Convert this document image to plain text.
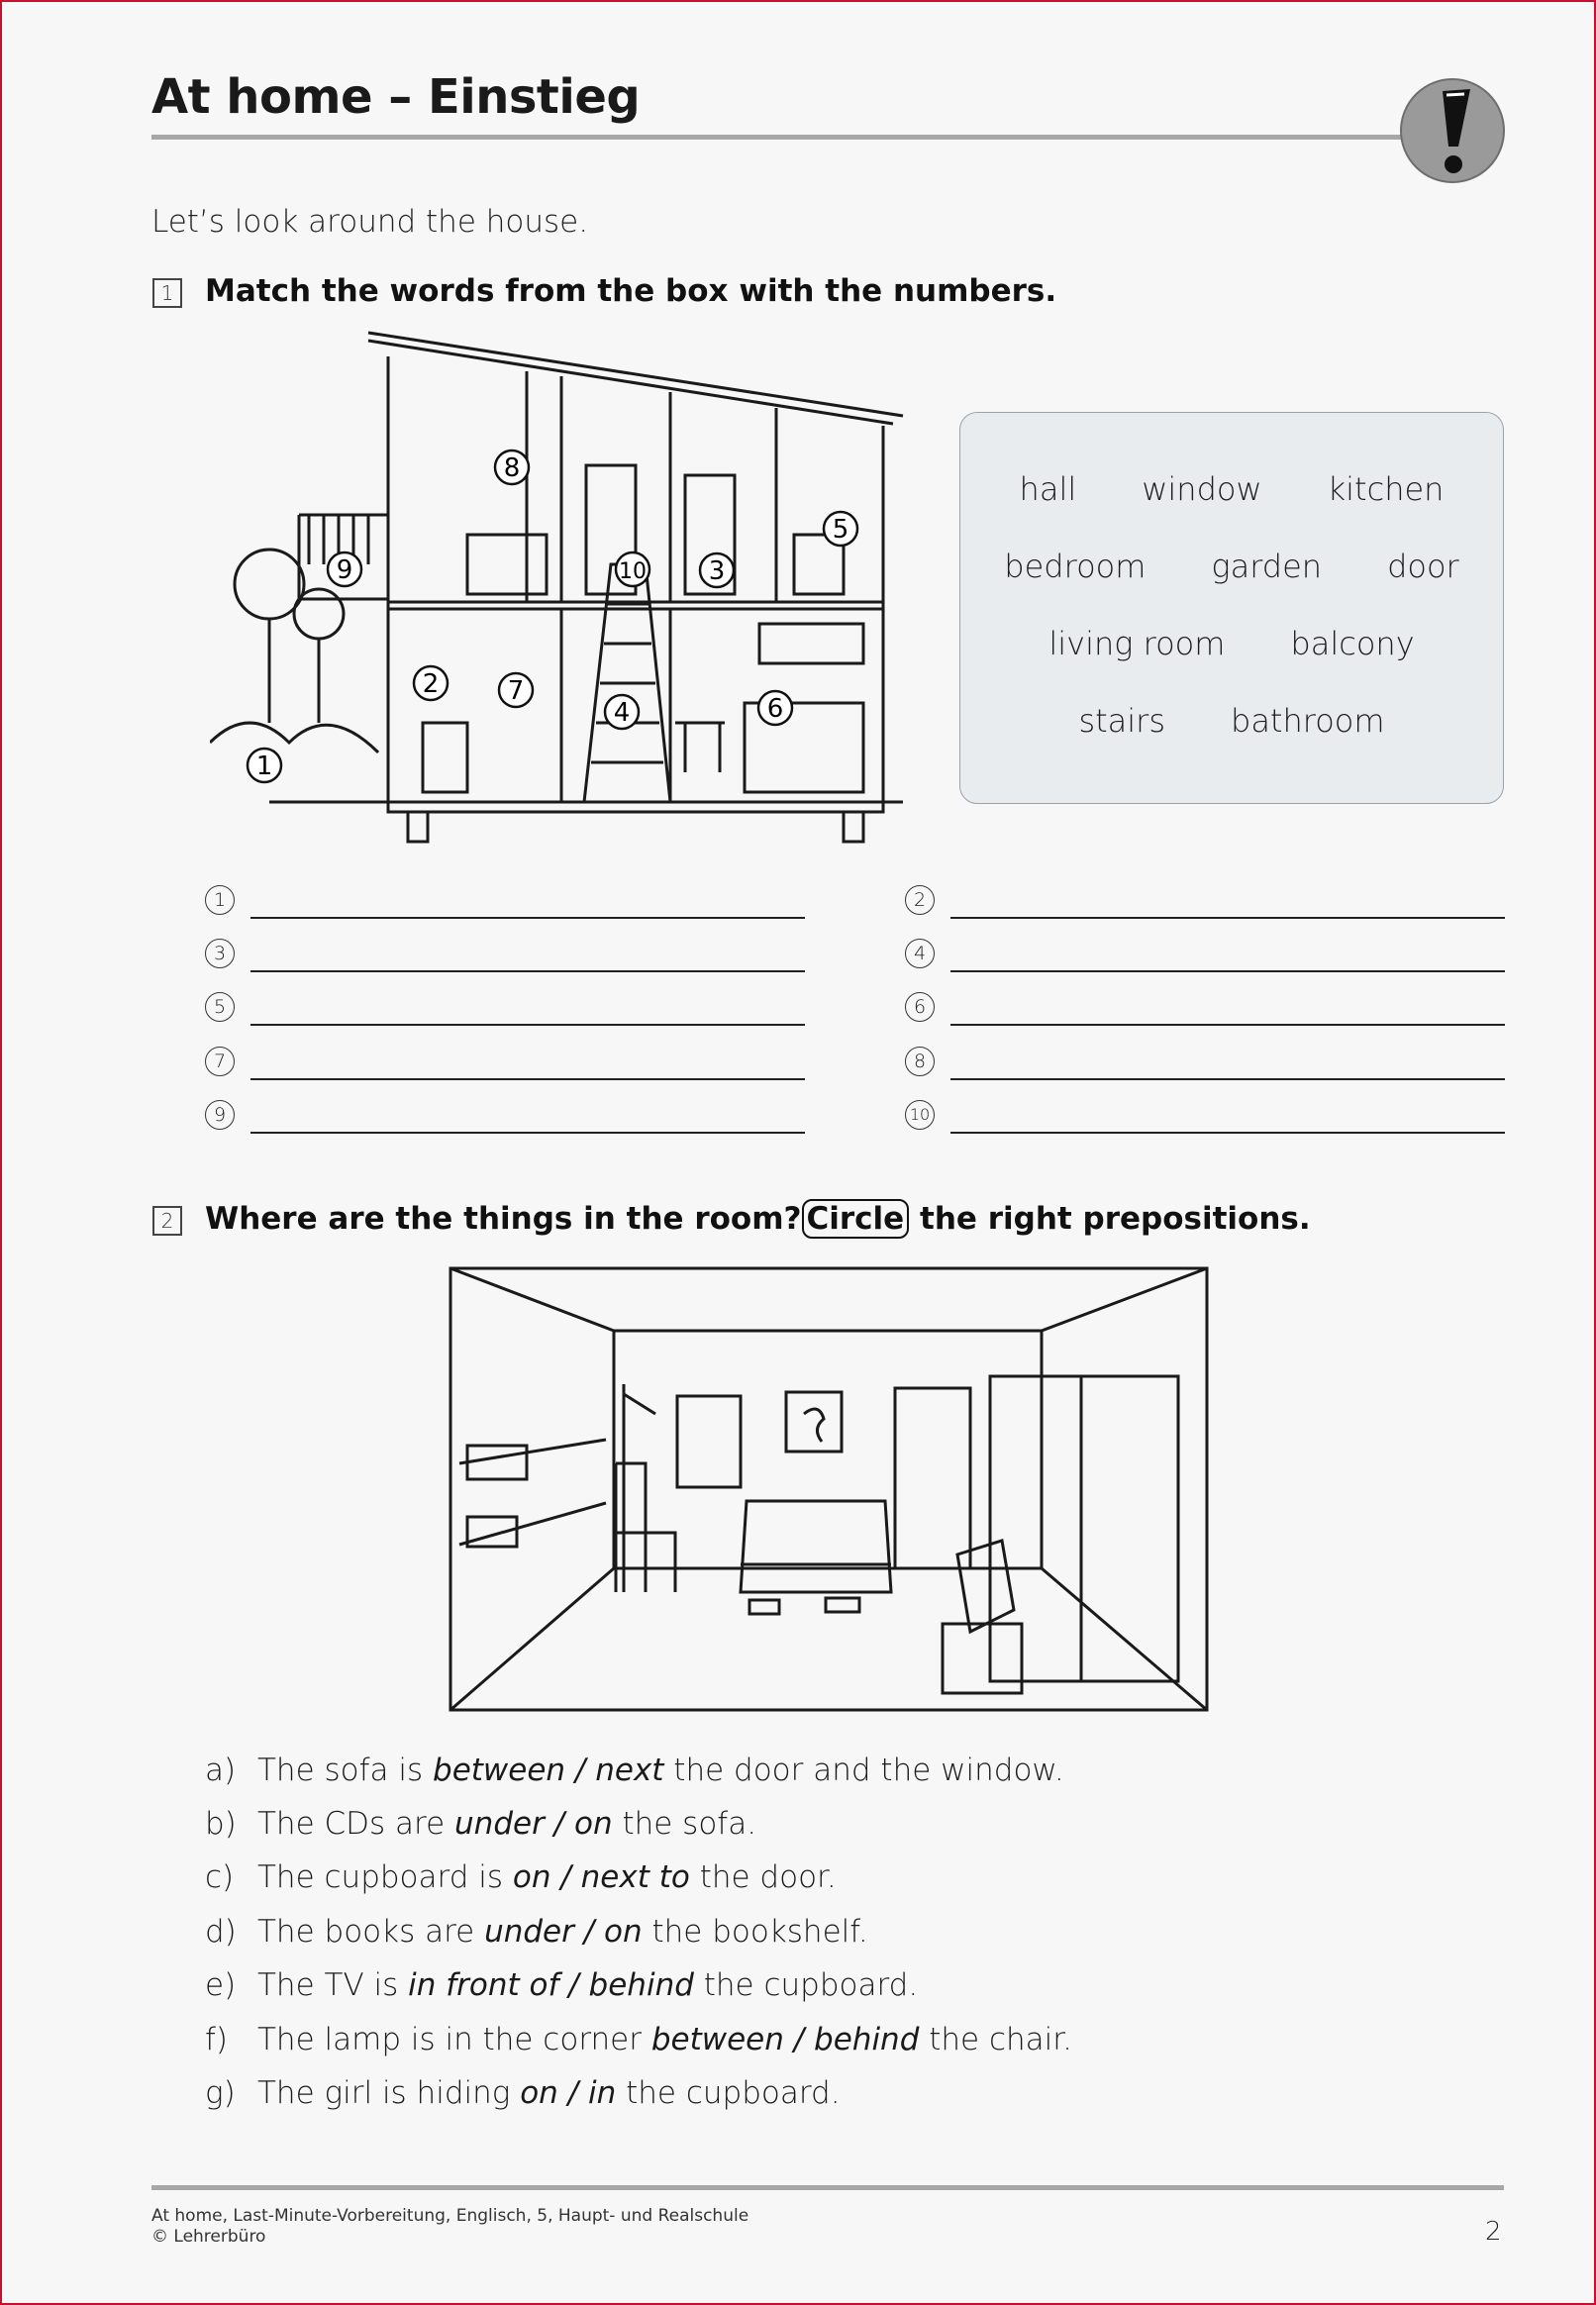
At home – Einstieg
Let’s look around the house.
1 Match the words from the box with the numbers.
1
2
3
4
5
6
7
8
9	10
hall window kitchen
bedroom garden door
living room balcony
stairs bathroom
1	2
3	4
5	6
7	8
9	10
2 Where are the things in the room? Circle the right prepositions.
a) The sofa is between / next the door and the window.
b) The CDs are under / on the sofa.
c) The cupboard is on / next to the door.
d) The books are under / on the bookshelf.
e) The TV is in front of / behind the cupboard.
f) The lamp is in the corner between / behind the chair.
g) The girl is hiding on / in the cupboard.
At home, Last-Minute-Vorbereitung, Englisch, 5, Haupt- und Realschule
© Lehrerbüro	2
